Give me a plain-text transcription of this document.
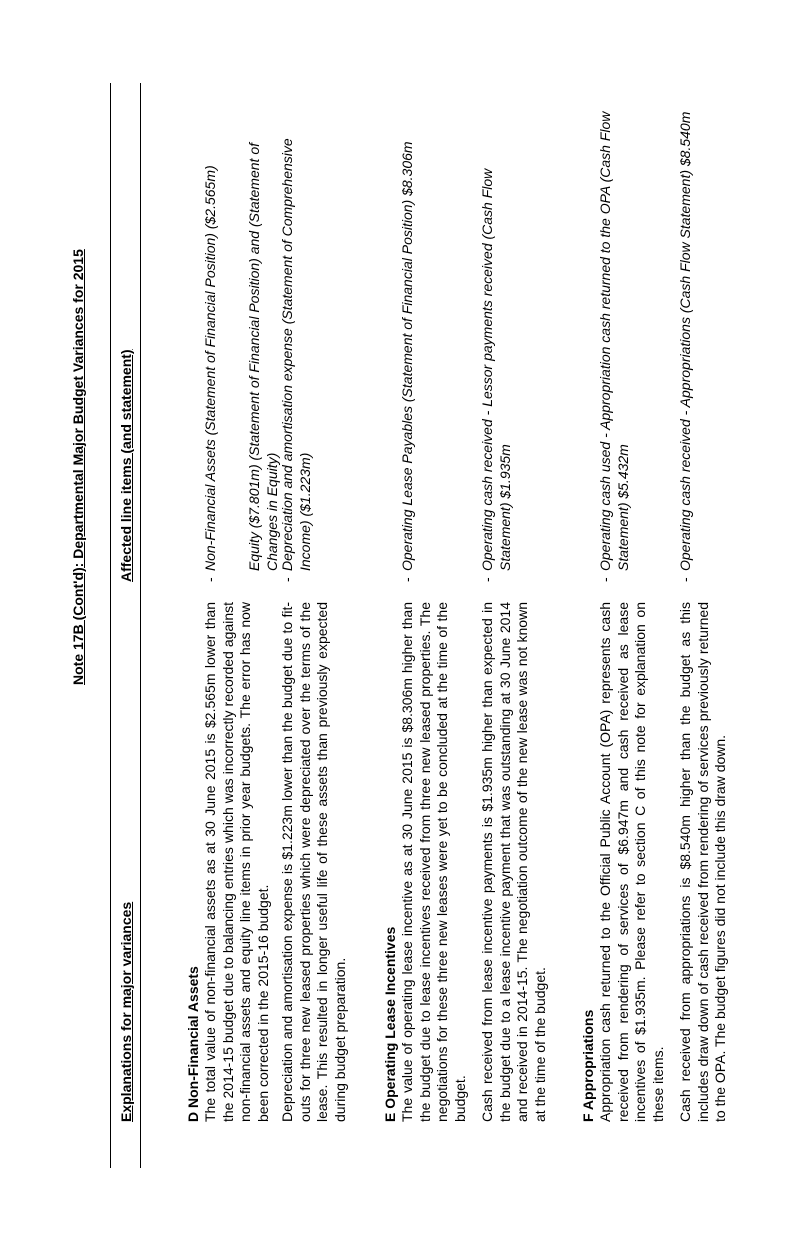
Note 17B (Cont'd): Departmental Major Budget Variances for 2015
Explanations for major variances
Affected line items (and statement)
D Non-Financial Assets The total value of non-financial assets as at 30 June 2015 is $2.565m lower than the 2014-15 budget due to balancing entries which was incorrectly recorded against non-financial assets and equity line items in prior year budgets. The error has now been corrected in the 2015-16 budget. Depreciation and amortisation expense is $1.223m lower than the budget due to fit-outs for three new leased properties which were depreciated over the terms of the lease. This resulted in longer useful life of these assets than previously expected during budget preparation.
-
Non-Financial Assets (Statement of Financial Position) ($2.565m) Equity ($7.801m) (Statement of Financial Position) and (Statement of Changes in Equity)
-
Depreciation and amortisation expense (Statement of Comprehensive Income) ($1.223m)
E Operating Lease Incentives The value of operating lease incentive as at 30 June 2015 is $8.306m higher than the budget due to lease incentives received from three new leased properties. The negotiations for these three new leases were yet to be concluded at the time of the budget. Cash received from lease incentive payments is $1.935m higher than expected in the budget due to a lease incentive payment that was outstanding at 30 June 2014 and received in 2014-15. The negotiation outcome of the new lease was not known at the time of the budget.
-
Operating Lease Payables (Statement of Financial Position) $8.306m
-
Operating cash received - Lessor payments received (Cash Flow Statement) $1.935m
F Appropriations Appropriation cash returned to the Official Public Account (OPA) represents cash received from rendering of services of $6.947m and cash received as lease incentives of $1.935m. Please refer to section C of this note for explanation on these items. Cash received from appropriations is $8.540m higher than the budget as this includes draw down of cash received from rendering of services previously returned to the OPA. The budget figures did not include this draw down.
-
Operating cash used - Appropriation cash returned to the OPA (Cash Flow Statement) $5.432m
-
Operating cash received - Appropriations (Cash Flow Statement) $8.540m
